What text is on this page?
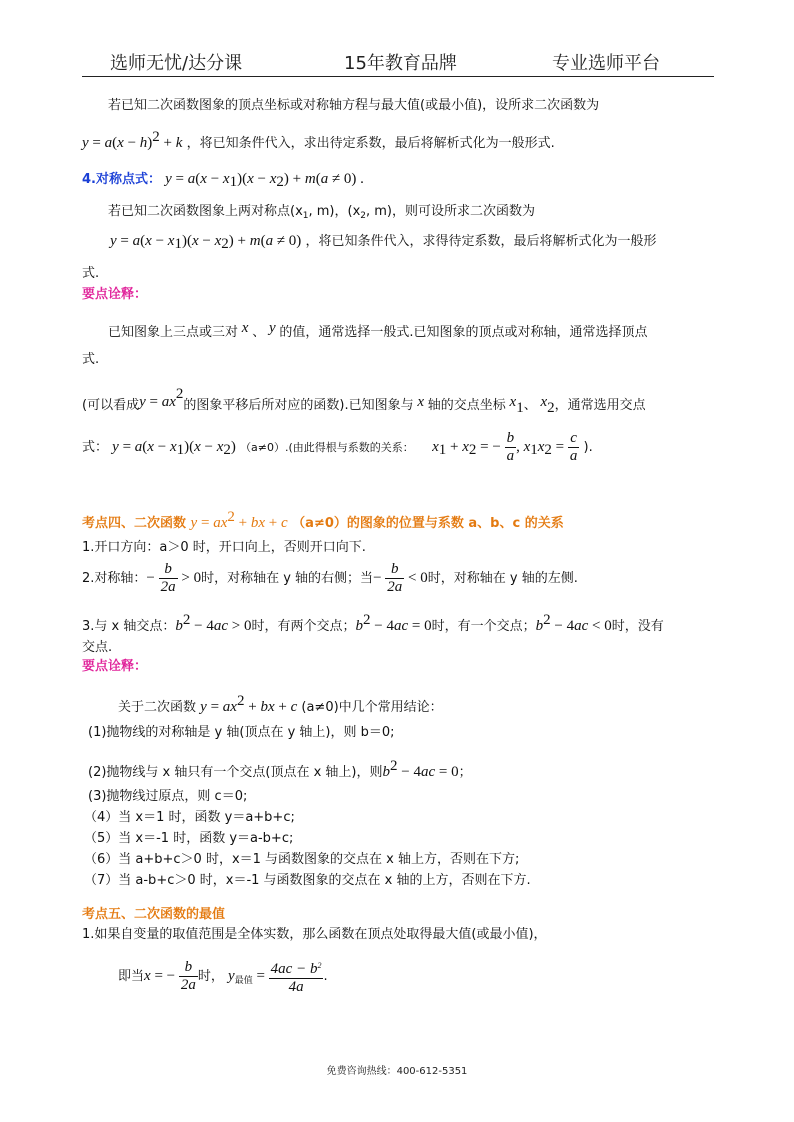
选师无忧/达分课	15年教育品牌	专业选师平台
若已知二次函数图象的顶点坐标或对称轴方程与最大值(或最小值)，设所求二次函数为
$y = a(x - h)^2 + k$ ，将已知条件代入，求出待定系数，最后将解析式化为一般形式.
4.对称点式： $y = a(x - x_1)(x - x_2) + m(a \ne 0)$ .
若已知二次函数图象上两对称点($x_1$, m)，($x_2$, m)，则可设所求二次函数为
$y = a(x - x_1)(x - x_2) + m(a \ne 0)$ ，将已知条件代入，求得待定系数，最后将解析式化为一般形
式.
要点诠释：
已知图象上三点或三对 x 、 y 的值，通常选择一般式.已知图象的顶点或对称轴，通常选择顶点
式.
(可以看成$y = ax^2$的图象平移后所对应的函数).已知图象与 x 轴的交点坐标 $x_1$、 $x_2$，通常选用交点
式： $y = a(x - x_1)(x - x_2)$ （a≠0）.(由此得根与系数的关系： $x_1 + x_2$ = − $\frac{b}{a}$ , $x_1x_2 = \frac{c}{a}$ ).
考点四、二次函数 $y = ax^2$ + bx + c （a≠0）的图象的位置与系数 a、b、c 的关系
1.开口方向：a＞0 时，开口向上，否则开口向下.
2.对称轴：− $\frac{b}{2a} > 0$时，对称轴在 y 轴的右侧；当− $\frac{b}{2a} < 0$时，对称轴在 y 轴的左侧.
3.与 x 轴交点：$b^2 - 4ac > 0$时，有两个交点；$b^2 - 4ac = 0$时，有一个交点；$b^2 - 4ac < 0$时，没有
交点.
要点诠释：
关于二次函数 $y = ax^2$ + bx + c (a≠0)中几个常用结论：
(1)抛物线的对称轴是 y 轴(顶点在 y 轴上)，则 b＝0;
(2)抛物线与 x 轴只有一个交点(顶点在 x 轴上)，则$b^2 - 4ac = 0$；
(3)抛物线过原点，则 c＝0;
（4）当 x＝1 时，函数 y＝a+b+c;
（5）当 x＝-1 时，函数 y＝a-b+c;
（6）当 a+b+c＞0 时，x＝1 与函数图象的交点在 x 轴上方，否则在下方;
（7）当 a-b+c＞0 时，x＝-1 与函数图象的交点在 x 轴的上方，否则在下方.
考点五、二次函数的最值
1.如果自变量的取值范围是全体实数，那么函数在顶点处取得最大值(或最小值)，
即当x = − $\frac{b}{2a}$ 时， $y_{最值} = \frac{4ac - b^2}{4a}$ .
免费咨询热线：400-612-5351
